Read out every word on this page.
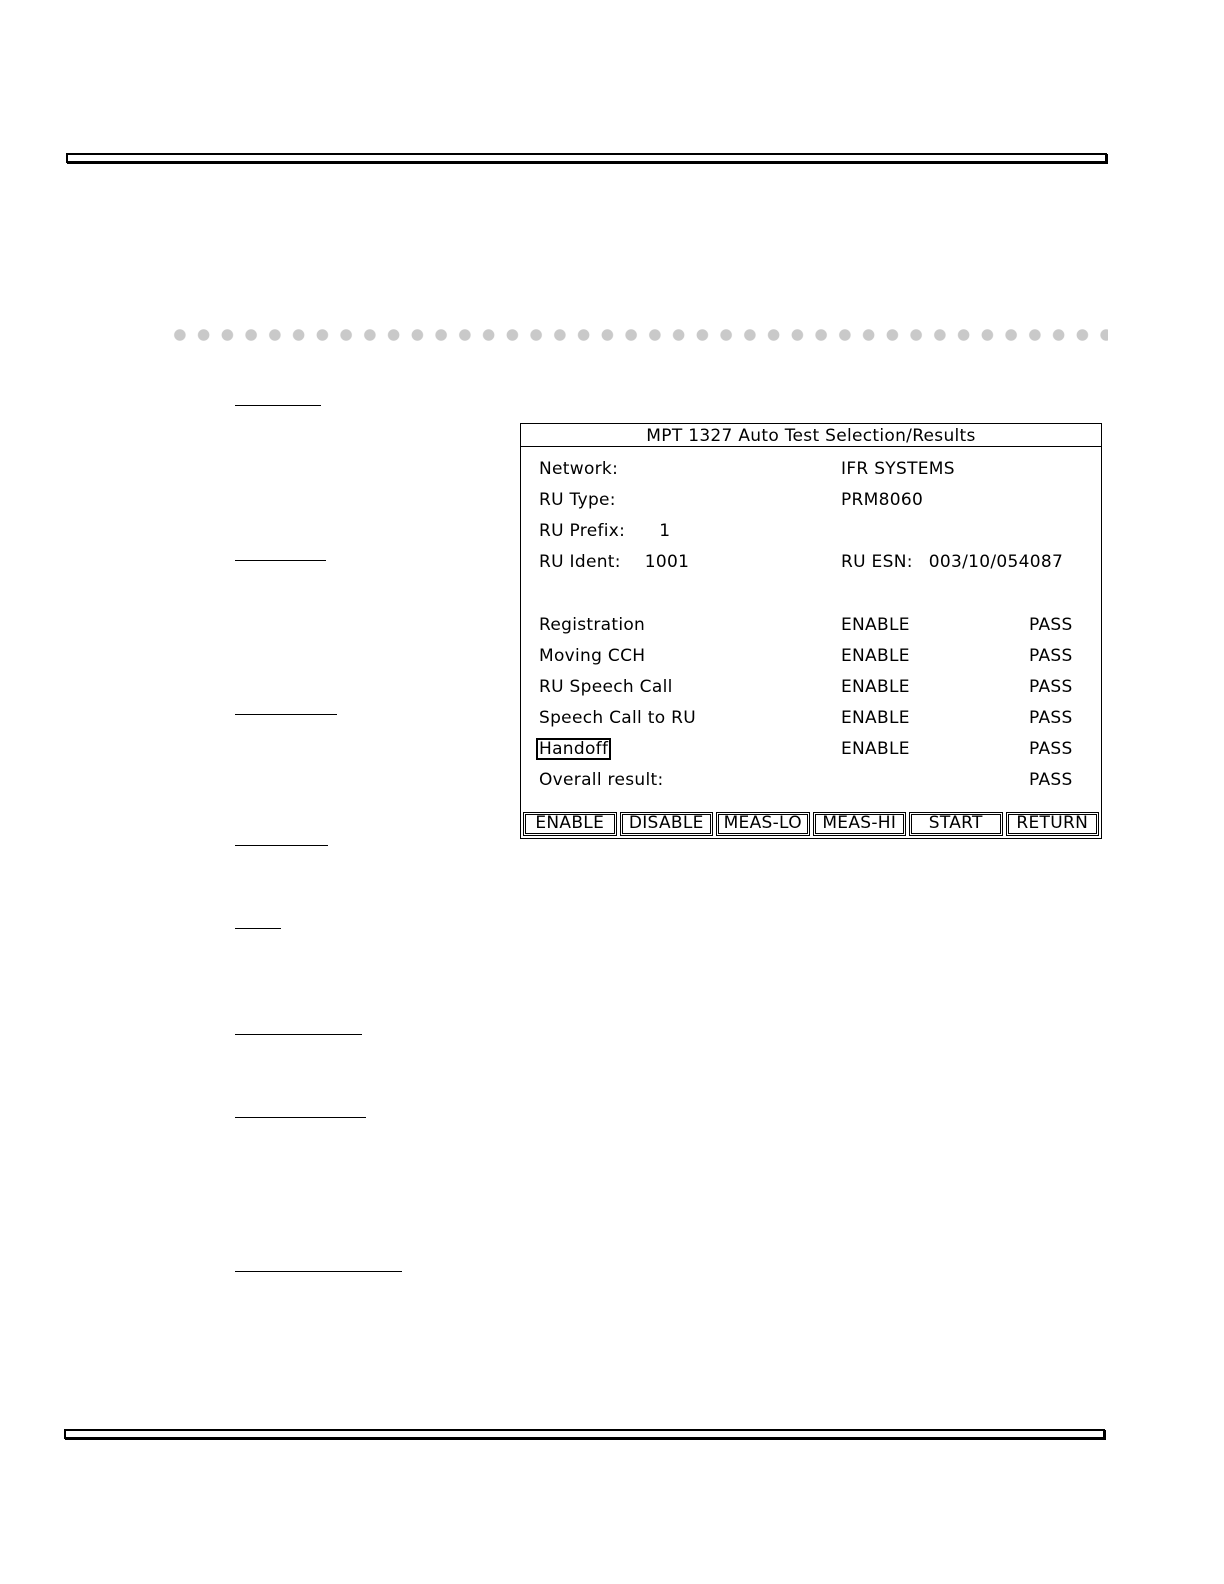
MPT 1327 Auto Test Selection/Results
Network:	IFR SYSTEMS
RU Type:	PRM8060
RU Prefix: 1
RU Ident: 1001	RU ESN: 003/10/054087
Registration	ENABLE	PASS
Moving CCH	ENABLE	PASS
RU Speech Call	ENABLE	PASS
Speech Call to RU	ENABLE	PASS
Handoff	ENABLE	PASS
Overall result:	PASS
ENABLE	DISABLE	MEAS-LO	MEAS-HI	START	RETURN
